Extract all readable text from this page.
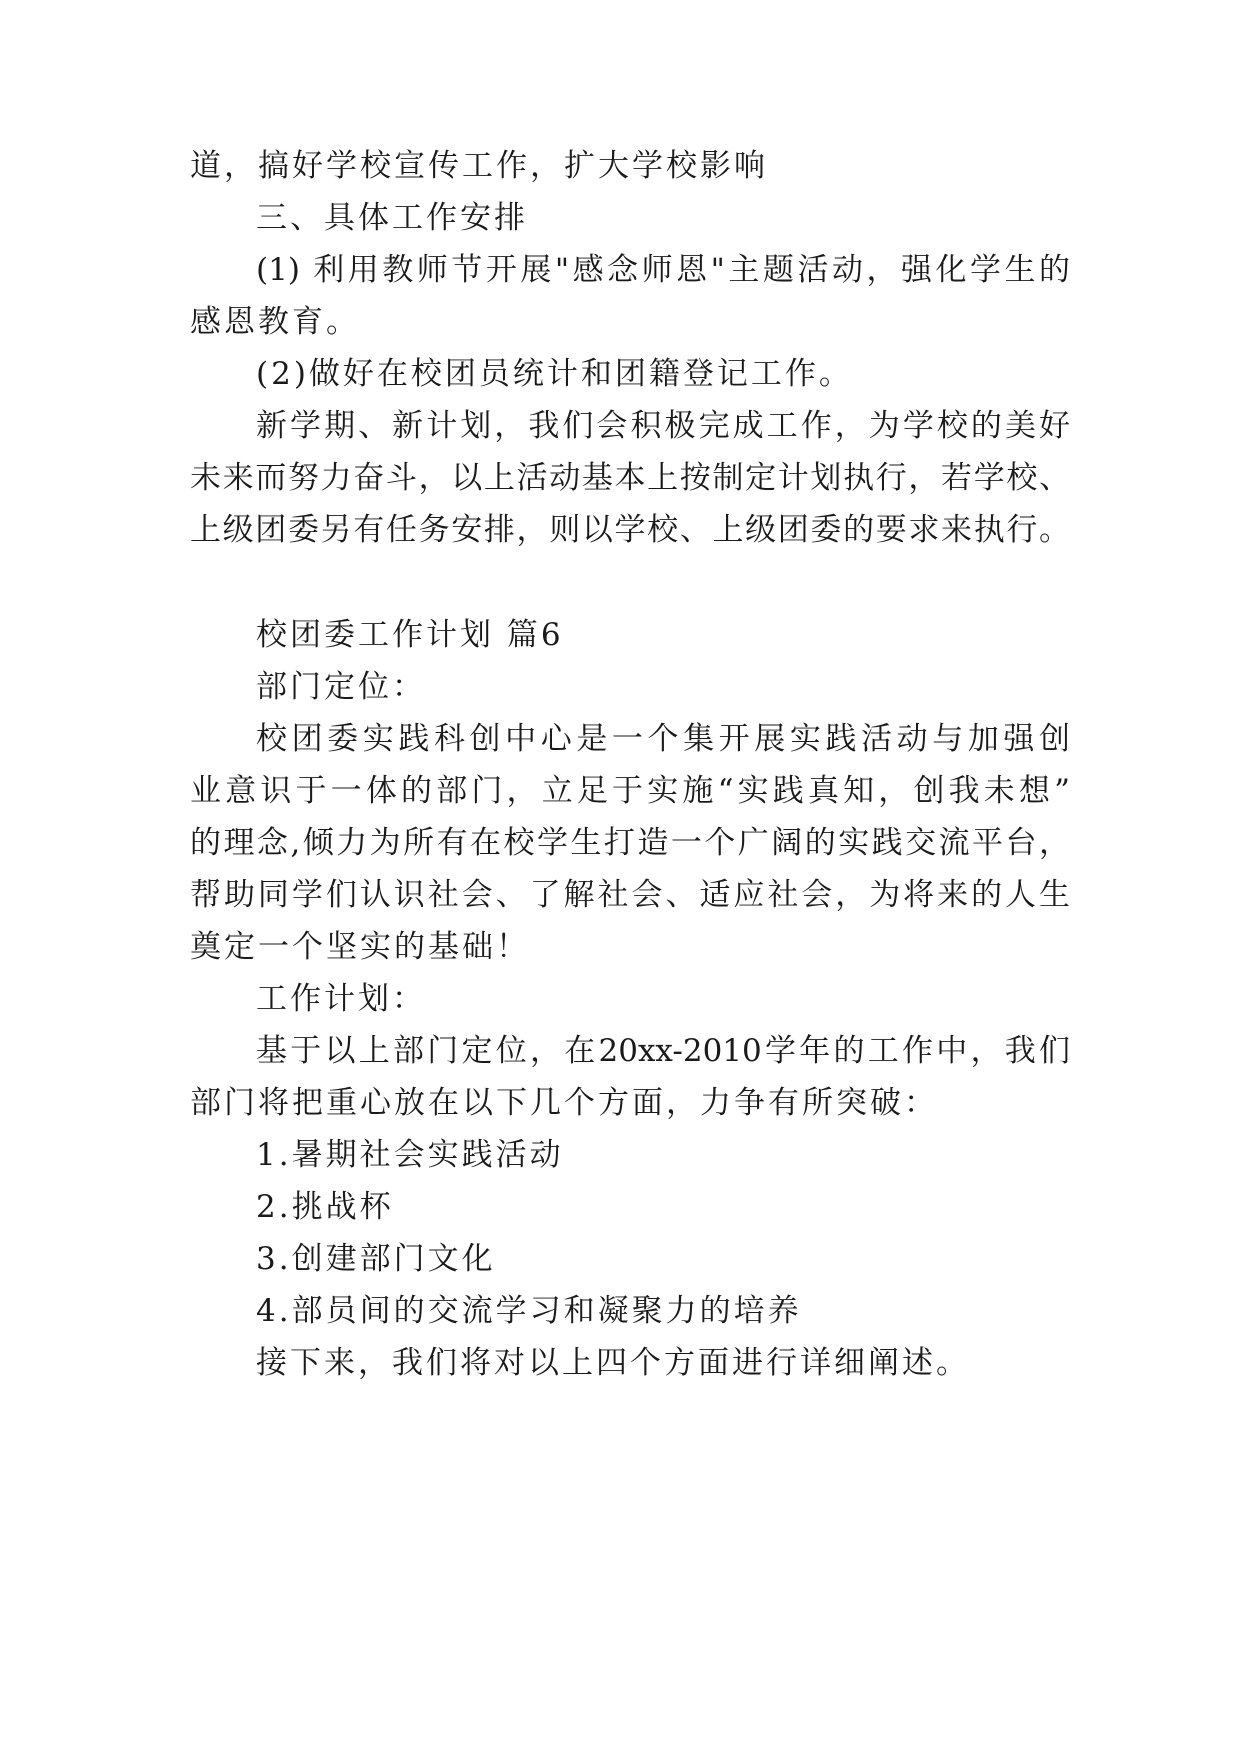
道，搞好学校宣传工作，扩大学校影响
三、具体工作安排
(1) 利用教师节开展"感念师恩"主题活动，强化学生的
感恩教育。
(2)做好在校团员统计和团籍登记工作。
新学期、新计划，我们会积极完成工作，为学校的美好
未来而努力奋斗，以上活动基本上按制定计划执行，若学校、
上级团委另有任务安排，则以学校、上级团委的要求来执行。
校团委工作计划 篇6
部门定位：
校团委实践科创中心是一个集开展实践活动与加强创
业意识于一体的部门，立足于实施“实践真知，创我未想”
的理念,倾力为所有在校学生打造一个广阔的实践交流平台，
帮助同学们认识社会、了解社会、适应社会，为将来的人生
奠定一个坚实的基础！
工作计划：
基于以上部门定位，在20xx-2010学年的工作中，我们
部门将把重心放在以下几个方面，力争有所突破：
1.暑期社会实践活动
2.挑战杯
3.创建部门文化
4.部员间的交流学习和凝聚力的培养
接下来，我们将对以上四个方面进行详细阐述。
